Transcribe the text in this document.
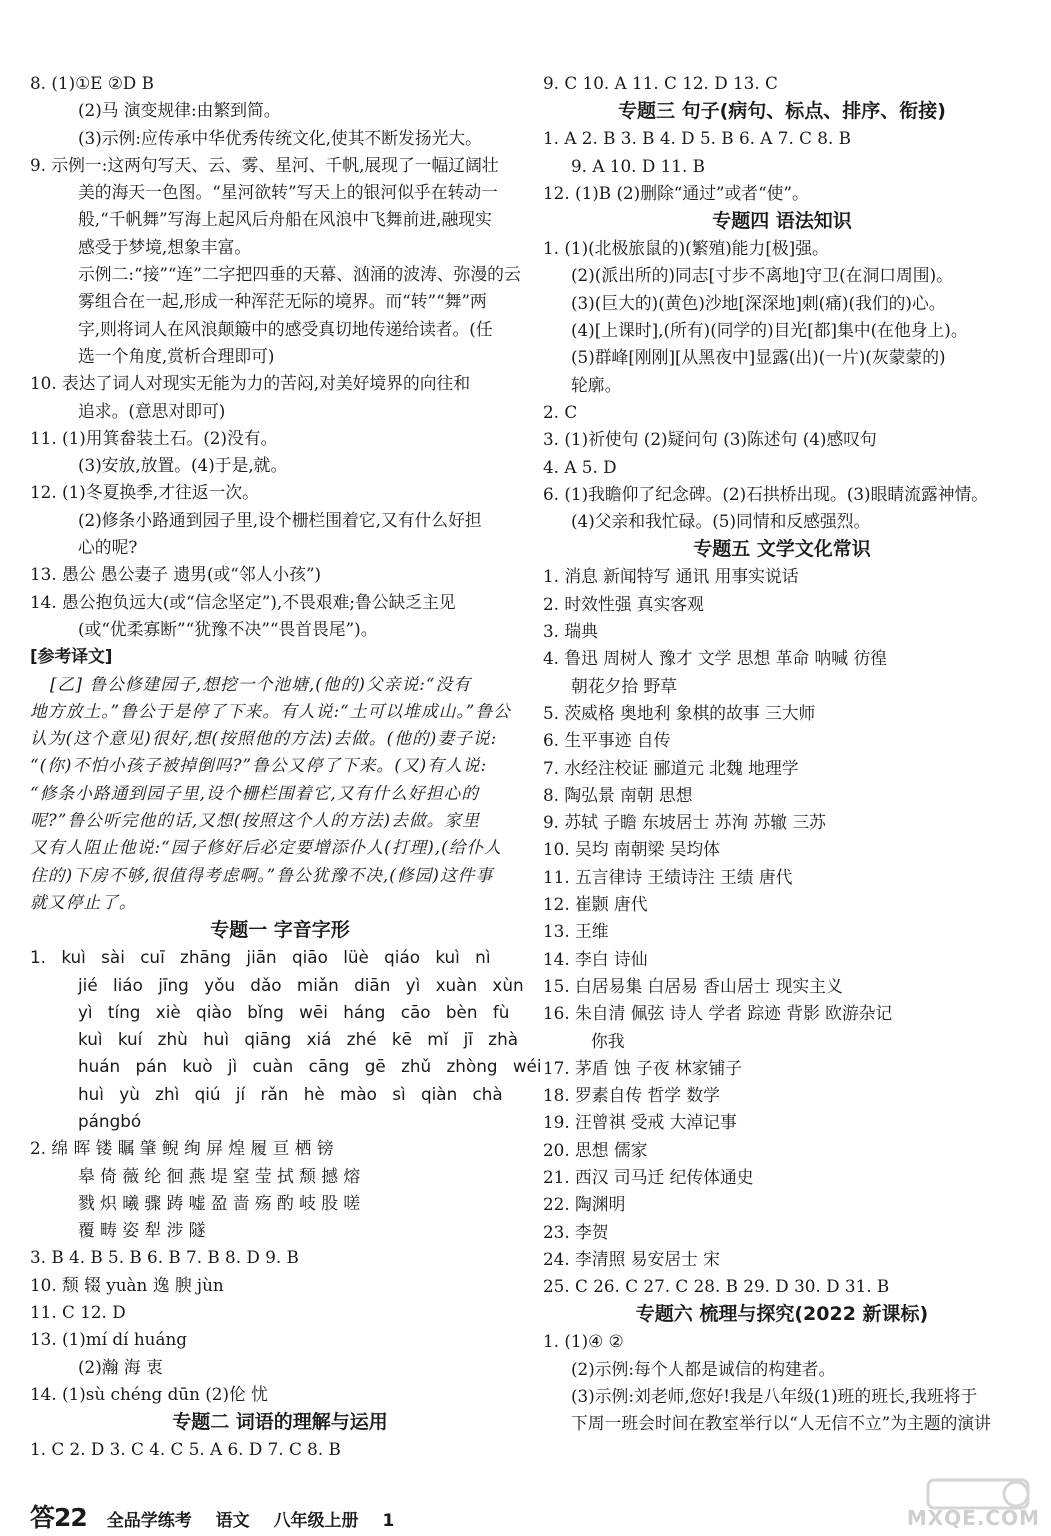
8. (1)①E ②D B
(2)马 演变规律:由繁到简。
(3)示例:应传承中华优秀传统文化,使其不断发扬光大。
9. 示例一:这两句写天、云、雾、星河、千帆,展现了一幅辽阔壮
美的海天一色图。“星河欲转”写天上的银河似乎在转动一
般,“千帆舞”写海上起风后舟船在风浪中飞舞前进,融现实
感受于梦境,想象丰富。
示例二:“接”“连”二字把四垂的天幕、汹涌的波涛、弥漫的云
雾组合在一起,形成一种浑茫无际的境界。而“转”“舞”两
字,则将词人在风浪颠簸中的感受真切地传递给读者。(任
选一个角度,赏析合理即可)
10. 表达了词人对现实无能为力的苦闷,对美好境界的向往和
追求。(意思对即可)
11. (1)用箕畚装土石。(2)没有。
(3)安放,放置。(4)于是,就。
12. (1)冬夏换季,才往返一次。
(2)修条小路通到园子里,设个栅栏围着它,又有什么好担
心的呢?
13. 愚公 愚公妻子 遗男(或“邻人小孩”)
14. 愚公抱负远大(或“信念坚定”),不畏艰难;鲁公缺乏主见
(或“优柔寡断”“犹豫不决”“畏首畏尾”)。
[参考译文]
[乙] 鲁公修建园子,想挖一个池塘,(他的)父亲说:“没有
地方放土。”鲁公于是停了下来。有人说:“土可以堆成山。”鲁公
认为(这个意见)很好,想(按照他的方法)去做。(他的)妻子说:
“(你)不怕小孩子被掉倒吗?”鲁公又停了下来。(又)有人说:
“修条小路通到园子里,设个栅栏围着它,又有什么好担心的
呢?”鲁公听完他的话,又想(按照这个人的方法)去做。家里
又有人阻止他说:“园子修好后必定要增添仆人(打理),(给仆人
住的)下房不够,很值得考虑啊。”鲁公犹豫不决,(修园)这件事
就又停止了。
专题一 字音字形
1. kuì sài cuī zhāng jiān qiāo lüè qiáo kuì nì
jié liáo jīng yǒu dǎo miǎn diān yì xuàn xùn
yì tíng xiè qiào bǐng wēi háng cāo bèn fù
kuì kuí zhù huì qiāng xiá zhé kē mǐ jī zhà
huán pán kuò jì cuàn cāng gē zhǔ zhòng wéi
huì yù zhì qiú jí rǎn hè mào sì qiàn chà
pángbó
2. 绵 晖 镂 瞩 肇 鲵 绚 屏 煌 履 亘 栖 镑
皋 倚 薇 纶 徊 燕 堤 窒 莹 拭 颓 撼 熔
戮 炽 曦 骤 踌 嘘 盈 啬 殇 酌 岐 股 嗟
覆 畴 姿 犁 涉 隧
3. B 4. B 5. B 6. B 7. B 8. D 9. B
10. 颓 辍 yuàn 逸 腴 jùn
11. C 12. D
13. (1)mí dí huáng
(2)瀚 海 衷
14. (1)sù chéng dūn (2)伦 忧
专题二 词语的理解与运用
1. C 2. D 3. C 4. C 5. A 6. D 7. C 8. B
9. C 10. A 11. C 12. D 13. C
专题三 句子(病句、标点、排序、衔接)
1. A 2. B 3. B 4. D 5. B 6. A 7. C 8. B
9. A 10. D 11. B
12. (1)B (2)删除“通过”或者“使”。
专题四 语法知识
1. (1)(北极旅鼠的)(繁殖)能力[极]强。
(2)(派出所的)同志[寸步不离地]守卫(在洞口周围)。
(3)(巨大的)(黄色)沙地[深深地]刺(痛)(我们的)心。
(4)[上课时],(所有)(同学的)目光[都]集中(在他身上)。
(5)群峰[刚刚][从黑夜中]显露(出)(一片)(灰蒙蒙的)
轮廓。
2. C
3. (1)祈使句 (2)疑问句 (3)陈述句 (4)感叹句
4. A 5. D
6. (1)我瞻仰了纪念碑。(2)石拱桥出现。(3)眼睛流露神情。
(4)父亲和我忙碌。(5)同情和反感强烈。
专题五 文学文化常识
1. 消息 新闻特写 通讯 用事实说话
2. 时效性强 真实客观
3. 瑞典
4. 鲁迅 周树人 豫才 文学 思想 革命 呐喊 彷徨
朝花夕拾 野草
5. 茨威格 奥地利 象棋的故事 三大师
6. 生平事迹 自传
7. 水经注校证 郦道元 北魏 地理学
8. 陶弘景 南朝 思想
9. 苏轼 子瞻 东坡居士 苏洵 苏辙 三苏
10. 吴均 南朝梁 吴均体
11. 五言律诗 王绩诗注 王绩 唐代
12. 崔颢 唐代
13. 王维
14. 李白 诗仙
15. 白居易集 白居易 香山居士 现实主义
16. 朱自清 佩弦 诗人 学者 踪迹 背影 欧游杂记
你我
17. 茅盾 蚀 子夜 林家铺子
18. 罗素自传 哲学 数学
19. 汪曾祺 受戒 大淖记事
20. 思想 儒家
21. 西汉 司马迁 纪传体通史
22. 陶渊明
23. 李贺
24. 李清照 易安居士 宋
25. C 26. C 27. C 28. B 29. D 30. D 31. B
专题六 梳理与探究(2022 新课标)
1. (1)④ ②
(2)示例:每个人都是诚信的构建者。
(3)示例:刘老师,您好!我是八年级(1)班的班长,我班将于
下周一班会时间在教室举行以“人无信不立”为主题的演讲
答22 全品学练考 语文 八年级上册 1	MXQE.COM
